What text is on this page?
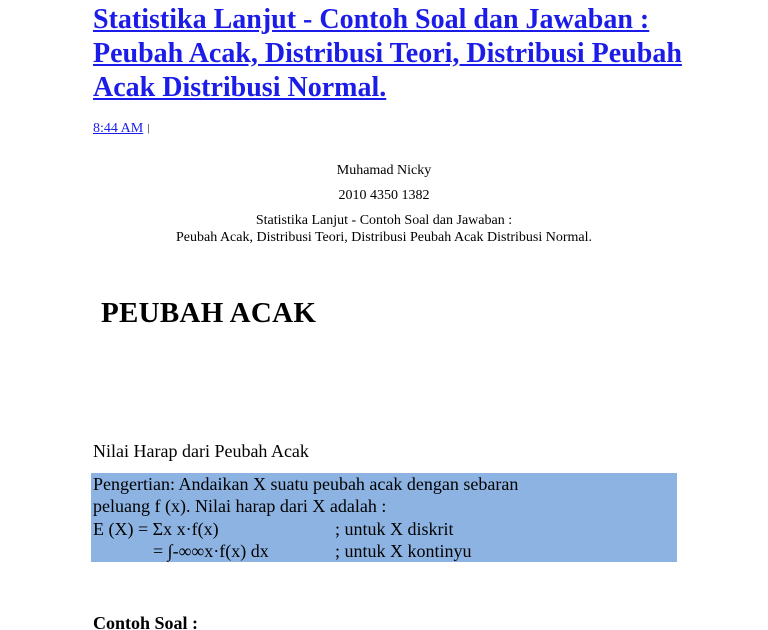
Statistika Lanjut - Contoh Soal dan Jawaban : Peubah Acak, Distribusi Teori, Distribusi Peubah Acak Distribusi Normal.
8:44 AM |
Muhamad Nicky
2010 4350 1382
Statistika Lanjut - Contoh Soal dan Jawaban :
Peubah Acak, Distribusi Teori, Distribusi Peubah Acak Distribusi Normal.
PEUBAH ACAK
Nilai Harap dari Peubah Acak
Pengertian: Andaikan X suatu peubah acak dengan sebaran
peluang f (x). Nilai harap dari X adalah :
E (X) = Σx x·f(x)	; untuk X diskrit
= ∫-∞∞x·f(x) dx	; untuk X kontinyu
Contoh Soal :
